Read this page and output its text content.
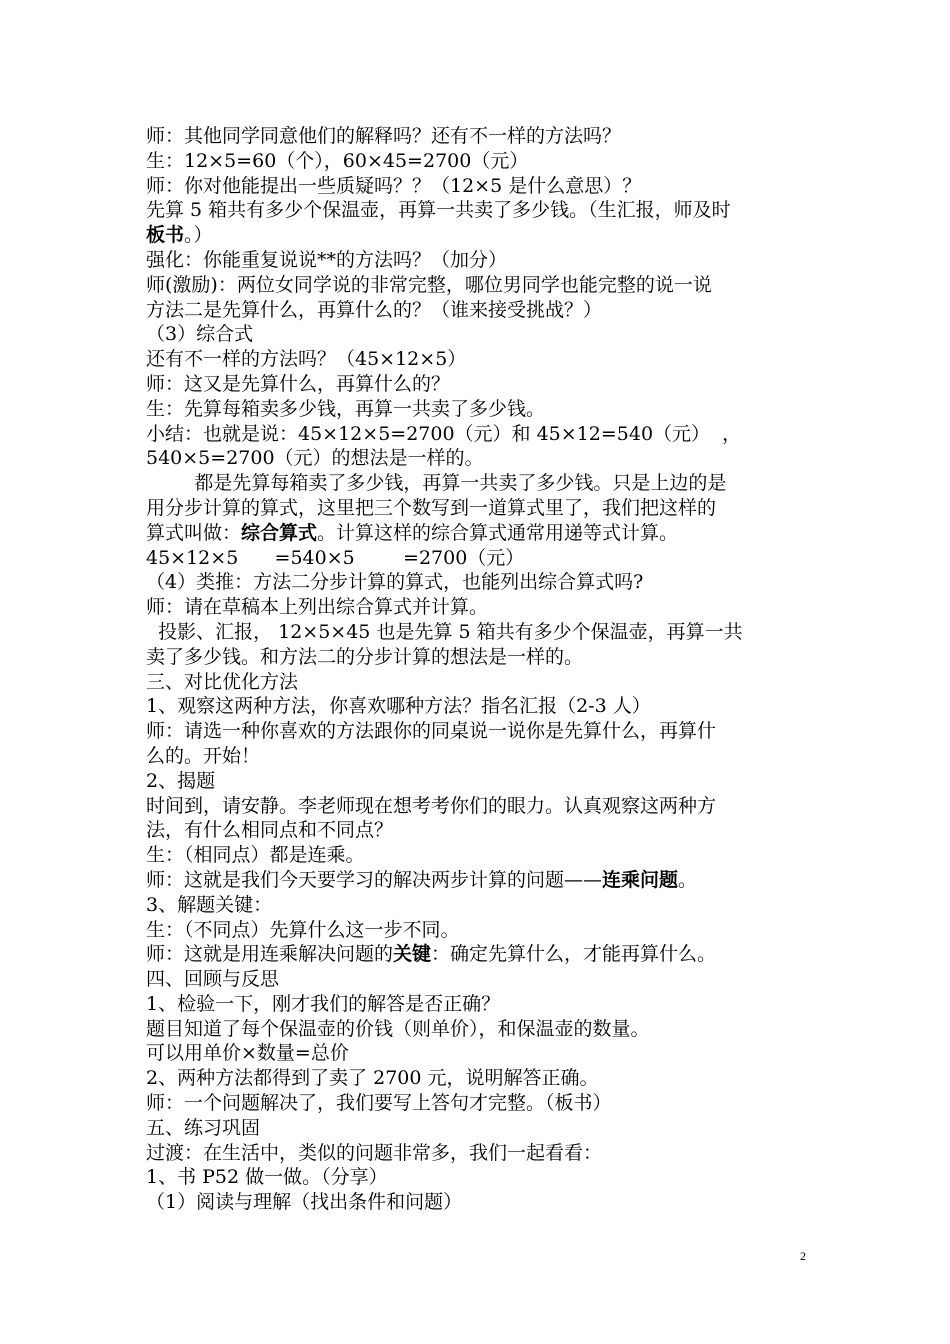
师：其他同学同意他们的解释吗？还有不一样的方法吗？

生：12×5=60（个），60×45=2700（元）

师：你对他能提出一些质疑吗？？（12×5 是什么意思）？

先算 5 箱共有多少个保温壶，再算一共卖了多少钱。（生汇报，师及时

板书。）

强化：你能重复说说**的方法吗？（加分）

师(激励)：两位女同学说的非常完整，哪位男同学也能完整的说一说

方法二是先算什么，再算什么的？（谁来接受挑战？）

（3）综合式

还有不一样的方法吗？（45×12×5）

师：这又是先算什么，再算什么的？

生：先算每箱卖多少钱，再算一共卖了多少钱。

小结：也就是说：45×12×5=2700（元）和 45×12=540（元）  ，

540×5=2700（元）的想法是一样的。

都是先算每箱卖了多少钱，再算一共卖了多少钱。只是上边的是

用分步计算的算式，这里把三个数写到一道算式里了，我们把这样的

算式叫做：综合算式。计算这样的综合算式通常用递等式计算。

45×12×5      =540×5        =2700（元）

（4）类推：方法二分步计算的算式，也能列出综合算式吗?

师：请在草稿本上列出综合算式并计算。

投影、汇报， 12×5×45 也是先算 5 箱共有多少个保温壶，再算一共

卖了多少钱。和方法二的分步计算的想法是一样的。

三、对比优化方法

1、观察这两种方法，你喜欢哪种方法？指名汇报（2-3 人）

师：请选一种你喜欢的方法跟你的同桌说一说你是先算什么，再算什

么的。开始！

2、揭题

时间到，请安静。李老师现在想考考你们的眼力。认真观察这两种方

法，有什么相同点和不同点？

生：（相同点）都是连乘。

师：这就是我们今天要学习的解决两步计算的问题——连乘问题。

3、解题关键：

生：（不同点）先算什么这一步不同。

师：这就是用连乘解决问题的关键：确定先算什么，才能再算什么。

四、回顾与反思

1、检验一下，刚才我们的解答是否正确？

题目知道了每个保温壶的价钱（则单价），和保温壶的数量。

可以用单价×数量=总价

2、两种方法都得到了卖了 2700 元，说明解答正确。

师：一个问题解决了，我们要写上答句才完整。（板书）

五、练习巩固

过渡：在生活中，类似的问题非常多，我们一起看看：

1、书 P52 做一做。（分享）

（1）阅读与理解（找出条件和问题）

2
